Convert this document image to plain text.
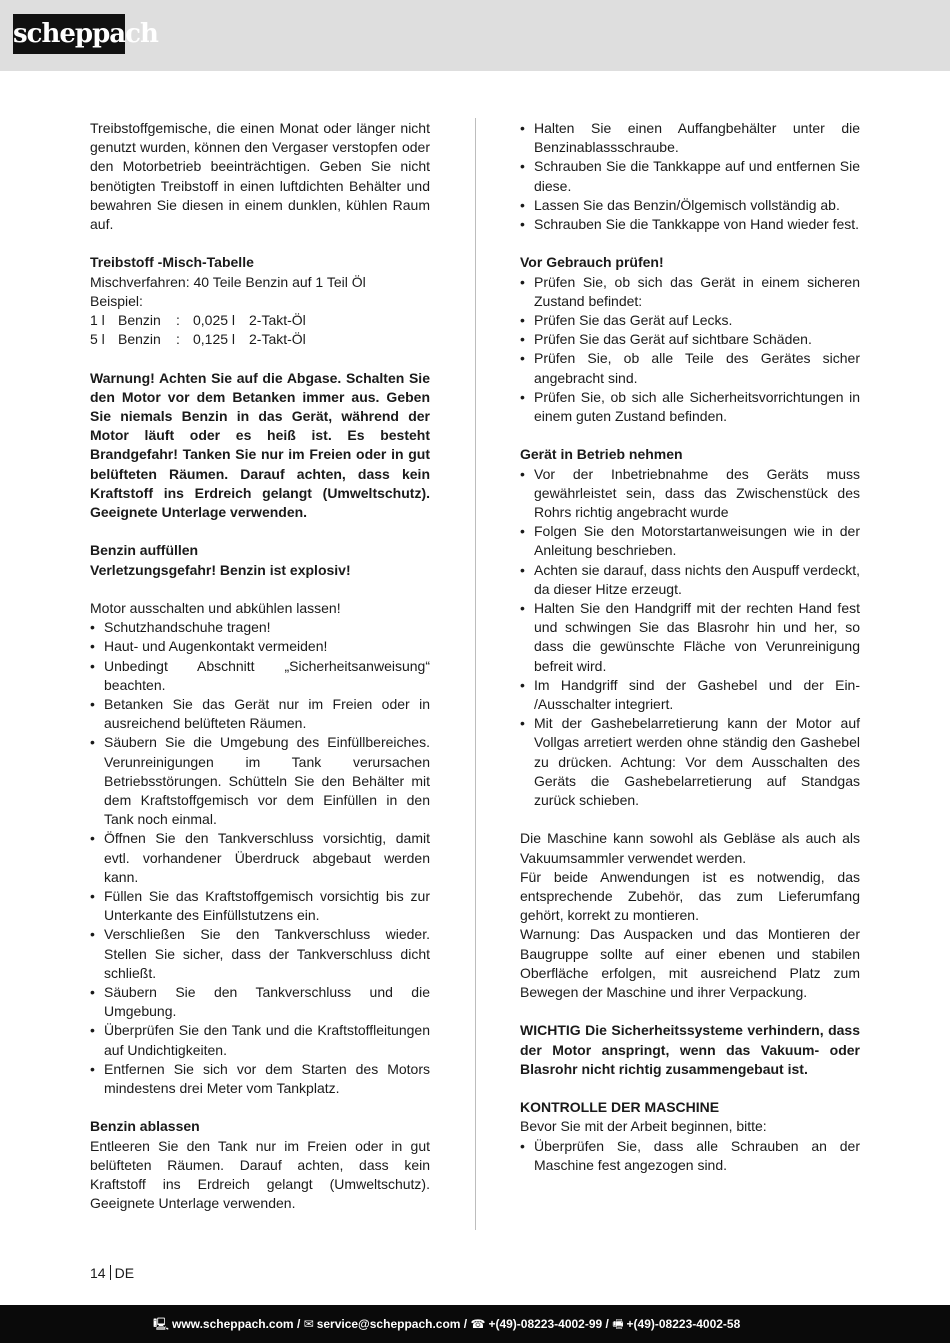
scheppach

Treibstoffgemische, die einen Monat oder länger nicht genutzt wurden, können den Vergaser verstopfen oder den Motorbetrieb beeinträchtigen. Geben Sie nicht benötigten Treibstoff in einen luftdichten Behälter und bewahren Sie diesen in einem dunklen, kühlen Raum auf.

Treibstoff -Misch-Tabelle

Mischverfahren: 40 Teile Benzin auf 1 Teil Öl

Beispiel:

1 l Benzin	: 0,025 l 2-Takt-Öl
5 l Benzin	: 0,125 l 2-Takt-Öl

Warnung! Achten Sie auf die Abgase. Schalten Sie den Motor vor dem Betanken immer aus. Geben Sie niemals Benzin in das Gerät, während der Motor läuft oder es heiß ist. Es besteht Brandgefahr! Tanken Sie nur im Freien oder in gut belüfteten Räumen. Darauf achten, dass kein Kraftstoff ins Erdreich gelangt (Umweltschutz). Geeignete Unterlage verwenden.

Benzin auffüllen

Verletzungsgefahr! Benzin ist explosiv!

Motor ausschalten und abkühlen lassen!

• Schutzhandschuhe tragen!
• Haut- und Augenkontakt vermeiden!
• Unbedingt Abschnitt „Sicherheitsanweisung“ beachten.
• Betanken Sie das Gerät nur im Freien oder in ausreichend belüfteten Räumen.
• Säubern Sie die Umgebung des Einfüllbereiches. Verunreinigungen im Tank verursachen Betriebsstörungen. Schütteln Sie den Behälter mit dem Kraftstoffgemisch vor dem Einfüllen in den Tank noch einmal.
• Öffnen Sie den Tankverschluss vorsichtig, damit evtl. vorhandener Überdruck abgebaut werden kann.
• Füllen Sie das Kraftstoffgemisch vorsichtig bis zur Unterkante des Einfüllstutzens ein.
• Verschließen Sie den Tankverschluss wieder. Stellen Sie sicher, dass der Tankverschluss dicht schließt.
• Säubern Sie den Tankverschluss und die Umgebung.
• Überprüfen Sie den Tank und die Kraftstoffleitungen auf Undichtigkeiten.
• Entfernen Sie sich vor dem Starten des Motors mindestens drei Meter vom Tankplatz.

Benzin ablassen

Entleeren Sie den Tank nur im Freien oder in gut belüfteten Räumen. Darauf achten, dass kein Kraftstoff ins Erdreich gelangt (Umweltschutz). Geeignete Unterlage verwenden.

• Halten Sie einen Auffangbehälter unter die Benzinablassschraube.
• Schrauben Sie die Tankkappe auf und entfernen Sie diese.
• Lassen Sie das Benzin/Ölgemisch vollständig ab.
• Schrauben Sie die Tankkappe von Hand wieder fest.

Vor Gebrauch prüfen!

• Prüfen Sie, ob sich das Gerät in einem sicheren Zustand befindet:
• Prüfen Sie das Gerät auf Lecks.
• Prüfen Sie das Gerät auf sichtbare Schäden.
• Prüfen Sie, ob alle Teile des Gerätes sicher angebracht sind.
• Prüfen Sie, ob sich alle Sicherheitsvorrichtungen in einem guten Zustand befinden.

Gerät in Betrieb nehmen

• Vor der Inbetriebnahme des Geräts muss gewährleistet sein, dass das Zwischenstück des Rohrs richtig angebracht wurde
• Folgen Sie den Motorstartanweisungen wie in der Anleitung beschrieben.
• Achten sie darauf, dass nichts den Auspuff verdeckt, da dieser Hitze erzeugt.
• Halten Sie den Handgriff mit der rechten Hand fest und schwingen Sie das Blasrohr hin und her, so dass die gewünschte Fläche von Verunreinigung befreit wird.
• Im Handgriff sind der Gashebel und der Ein- /Ausschalter integriert.
• Mit der Gashebelarretierung kann der Motor auf Vollgas arretiert werden ohne ständig den Gashebel zu drücken. Achtung: Vor dem Ausschalten des Geräts die Gashebelarretierung auf Standgas zurück schieben.

Die Maschine kann sowohl als Gebläse als auch als Vakuumsammler verwendet werden.

Für beide Anwendungen ist es notwendig, das entsprechende Zubehör, das zum Lieferumfang gehört, korrekt zu montieren.

Warnung: Das Auspacken und das Montieren der Baugruppe sollte auf einer ebenen und stabilen Oberfläche erfolgen, mit ausreichend Platz zum Bewegen der Maschine und ihrer Verpackung.

WICHTIG Die Sicherheitssysteme verhindern, dass der Motor anspringt, wenn das Vakuum- oder Blasrohr nicht richtig zusammengebaut ist.

KONTROLLE DER MASCHINE

Bevor Sie mit der Arbeit beginnen, bitte:

• Überprüfen Sie, dass alle Schrauben an der Maschine fest angezogen sind.
14 DE
🖳 www.scheppach.com / ✉ service@scheppach.com / ☎ +(49)-08223-4002-99 / 🖷 +(49)-08223-4002-58
